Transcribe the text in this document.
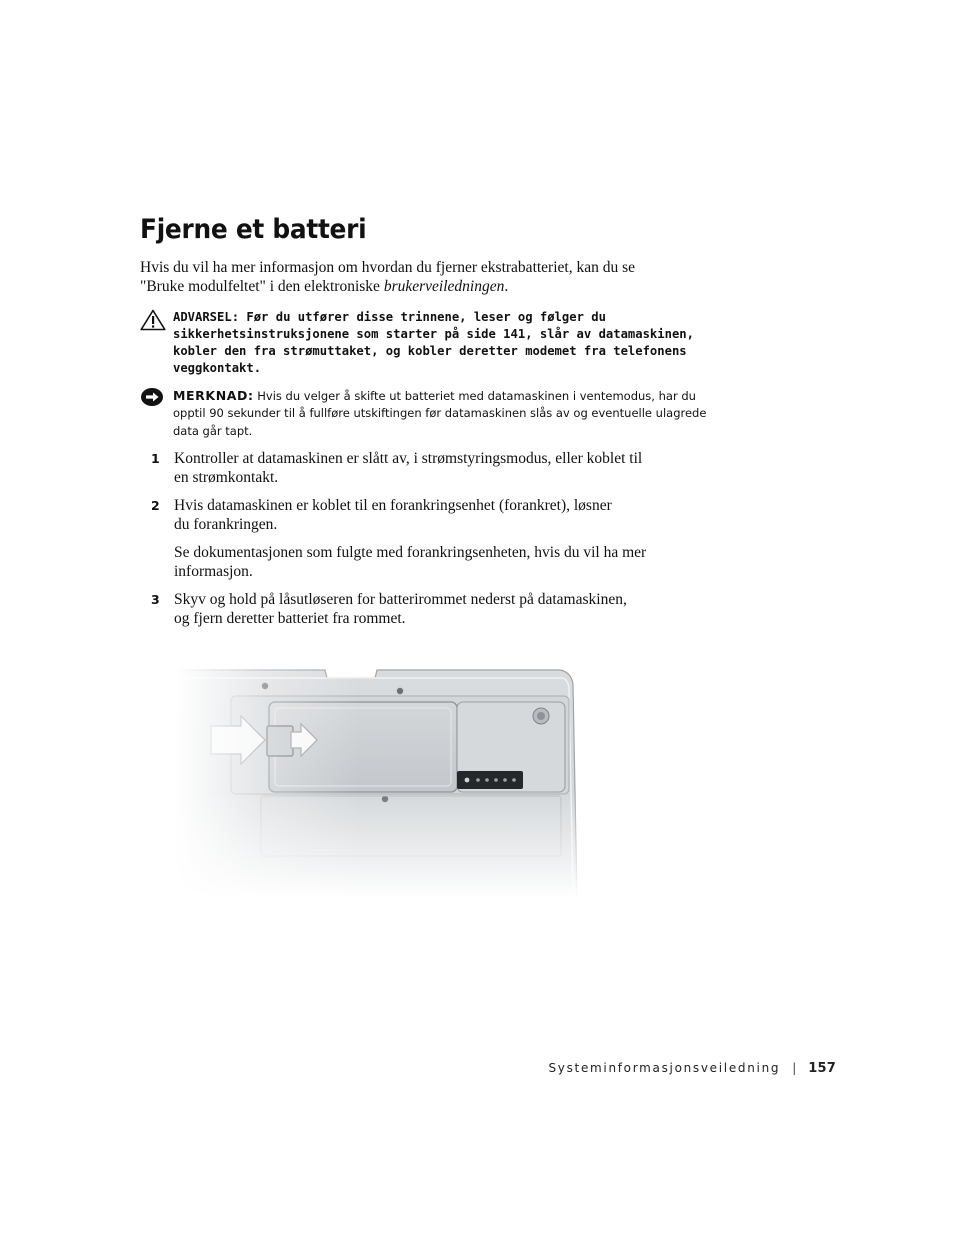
Fjerne et batteri
Hvis du vil ha mer informasjon om hvordan du fjerner ekstrabatteriet, kan du se
"Bruke modulfeltet" i den elektroniske brukerveiledningen.
ADVARSEL: Før du utfører disse trinnene, leser og følger du
sikkerhetsinstruksjonene som starter på side 141, slår av datamaskinen,
kobler den fra strømuttaket, og kobler deretter modemet fra telefonens
veggkontakt.
MERKNAD: Hvis du velger å skifte ut batteriet med datamaskinen i ventemodus, har du
opptil 90 sekunder til å fullføre utskiftingen før datamaskinen slås av og eventuelle ulagrede
data går tapt.
1 Kontroller at datamaskinen er slått av, i strømstyringsmodus, eller koblet til
en strømkontakt.
2 Hvis datamaskinen er koblet til en forankringsenhet (forankret), løsner
du forankringen.
Se dokumentasjonen som fulgte med forankringsenheten, hvis du vil ha mer
informasjon.
3 Skyv og hold på låsutløseren for batterirommet nederst på datamaskinen,
og fjern deretter batteriet fra rommet.
Systeminformasjonsveiledning | 157
